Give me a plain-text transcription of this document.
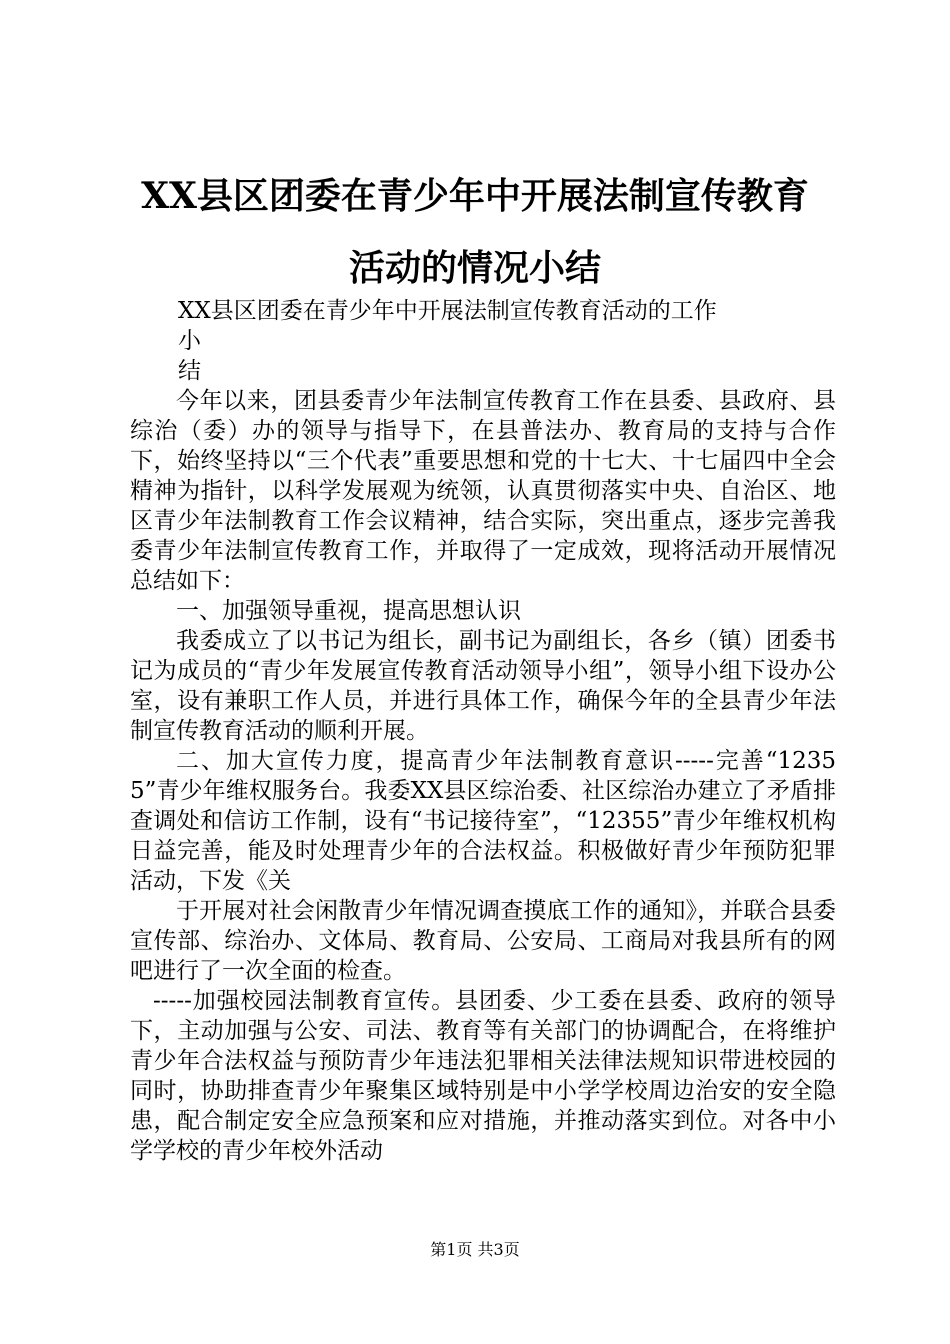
XX县区团委在青少年中开展法制宣传教育活动的情况小结

XX县区团委在青少年中开展法制宣传教育活动的工作

小

结

今年以来，团县委青少年法制宣传教育工作在县委、县政府、县综治（委）办的领导与指导下，在县普法办、教育局的支持与合作下，始终坚持以“三个代表”重要思想和党的十七大、十七届四中全会精神为指针，以科学发展观为统领，认真贯彻落实中央、自治区、地区青少年法制教育工作会议精神，结合实际，突出重点，逐步完善我委青少年法制宣传教育工作，并取得了一定成效，现将活动开展情况总结如下：

一、加强领导重视，提高思想认识

我委成立了以书记为组长，副书记为副组长，各乡（镇）团委书记为成员的“青少年发展宣传教育活动领导小组”，领导小组下设办公室，设有兼职工作人员，并进行具体工作，确保今年的全县青少年法制宣传教育活动的顺利开展。

二、加大宣传力度，提高青少年法制教育意识-----完善“12355”青少年维权服务台。我委XX县区综治委、社区综治办建立了矛盾排查调处和信访工作制，设有“书记接待室”，“12355”青少年维权机构日益完善，能及时处理青少年的合法权益。积极做好青少年预防犯罪活动，下发《关

于开展对社会闲散青少年情况调查摸底工作的通知》，并联合县委宣传部、综治办、文体局、教育局、公安局、工商局对我县所有的网吧进行了一次全面的检查。

-----加强校园法制教育宣传。县团委、少工委在县委、政府的领导下，主动加强与公安、司法、教育等有关部门的协调配合，在将维护青少年合法权益与预防青少年违法犯罪相关法律法规知识带进校园的同时，协助排查青少年聚集区域特别是中小学学校周边治安的安全隐患，配合制定安全应急预案和应对措施，并推动落实到位。对各中小学学校的青少年校外活动

第1页 共3页
